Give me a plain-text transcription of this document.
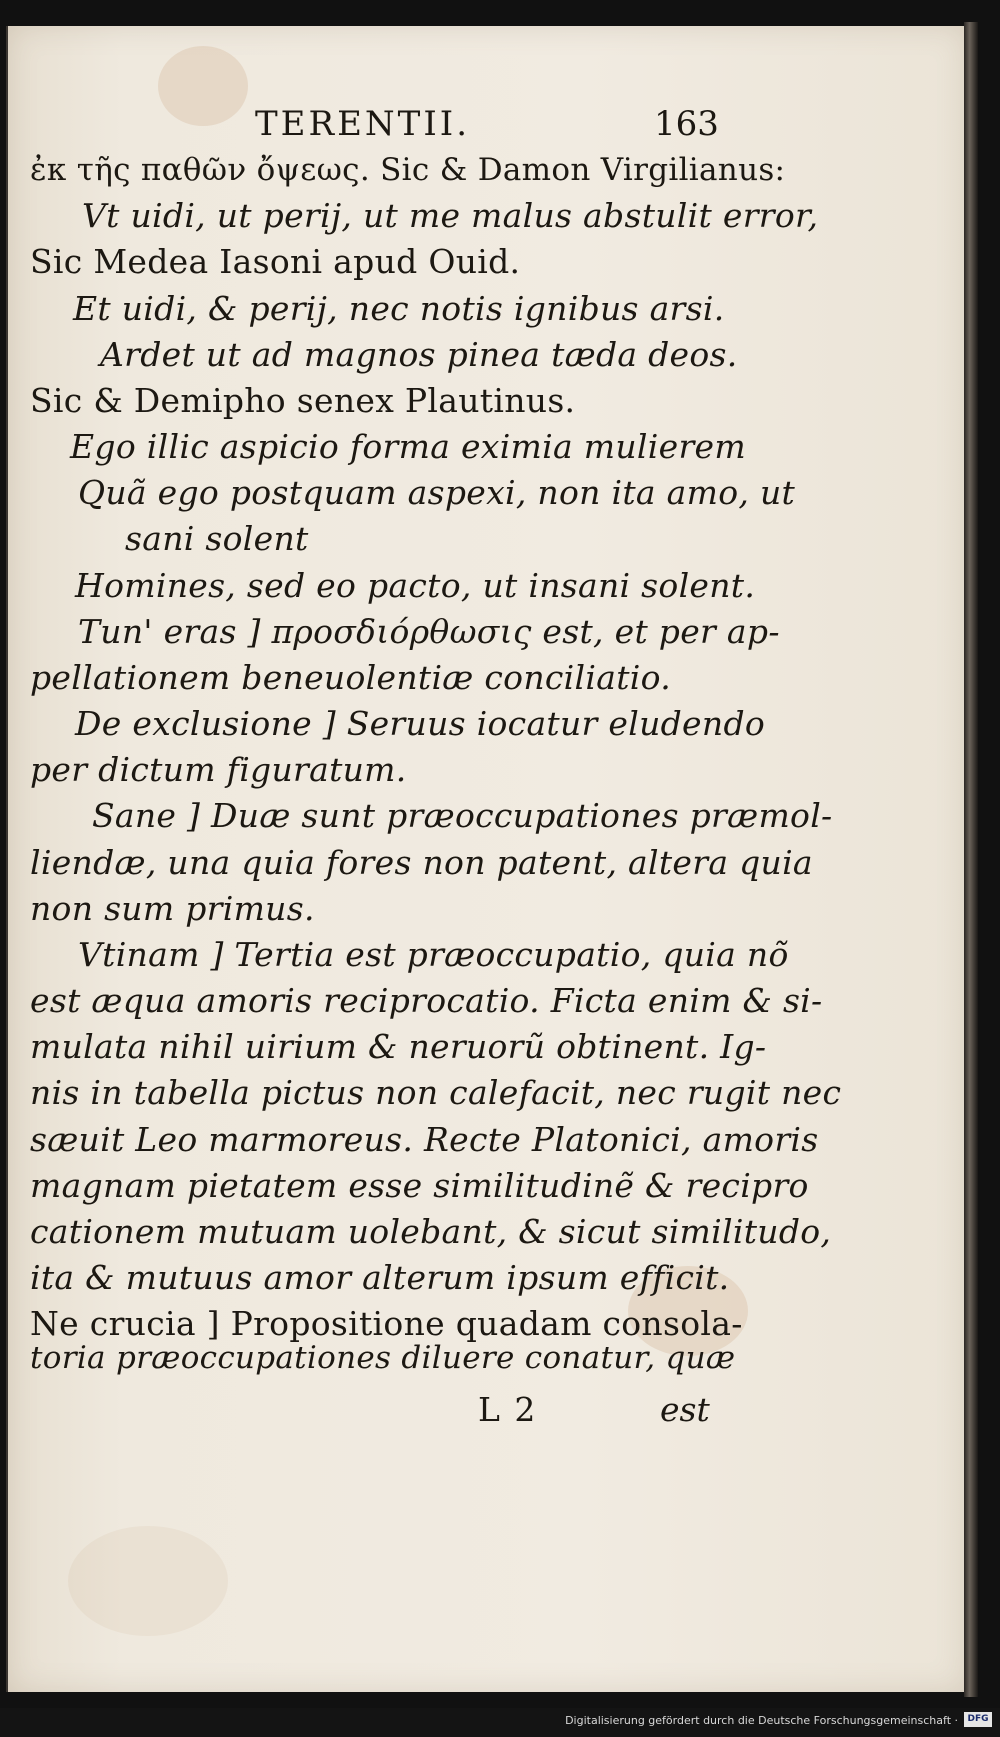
TERENTII.	163
ἐκ τῆς παθῶν ὄψεως. Sic & Damon Virgilianus:
Vt uidi, ut perij, ut me malus abstulit error,
Sic Medea Iasoni apud Ouid.
Et uidi, & perij, nec notis ignibus arsi.
Ardet ut ad magnos pinea tæda deos.
Sic & Demipho senex Plautinus.
Ego illic aspicio forma eximia mulierem
Quã ego postquam aspexi, non ita amo, ut
sani solent
Homines, sed eo pacto, ut insani solent.
Tun' eras ] προσδιόρθωσις est, et per ap-
pellationem beneuolentiæ conciliatio.
De exclusione ] Seruus iocatur eludendo
per dictum figuratum.
Sane ] Duæ sunt præoccupationes præmol-
liendæ, una quia fores non patent, altera quia
non sum primus.
Vtinam ] Tertia est præoccupatio, quia nõ
est æqua amoris reciprocatio. Ficta enim & si-
mulata nihil uirium & neruorũ obtinent. Ig-
nis in tabella pictus non calefacit, nec rugit nec
sæuit Leo marmoreus. Recte Platonici, amoris
magnam pietatem esse similitudinẽ & recipro
cationem mutuam uolebant, & sicut similitudo,
ita & mutuus amor alterum ipsum efficit.
Ne crucia ] Propositione quadam consola-
toria præoccupationes diluere conatur, quæ
L 2	est
Digitalisierung gefördert durch die Deutsche Forschungsgemeinschaft ·	DFG
